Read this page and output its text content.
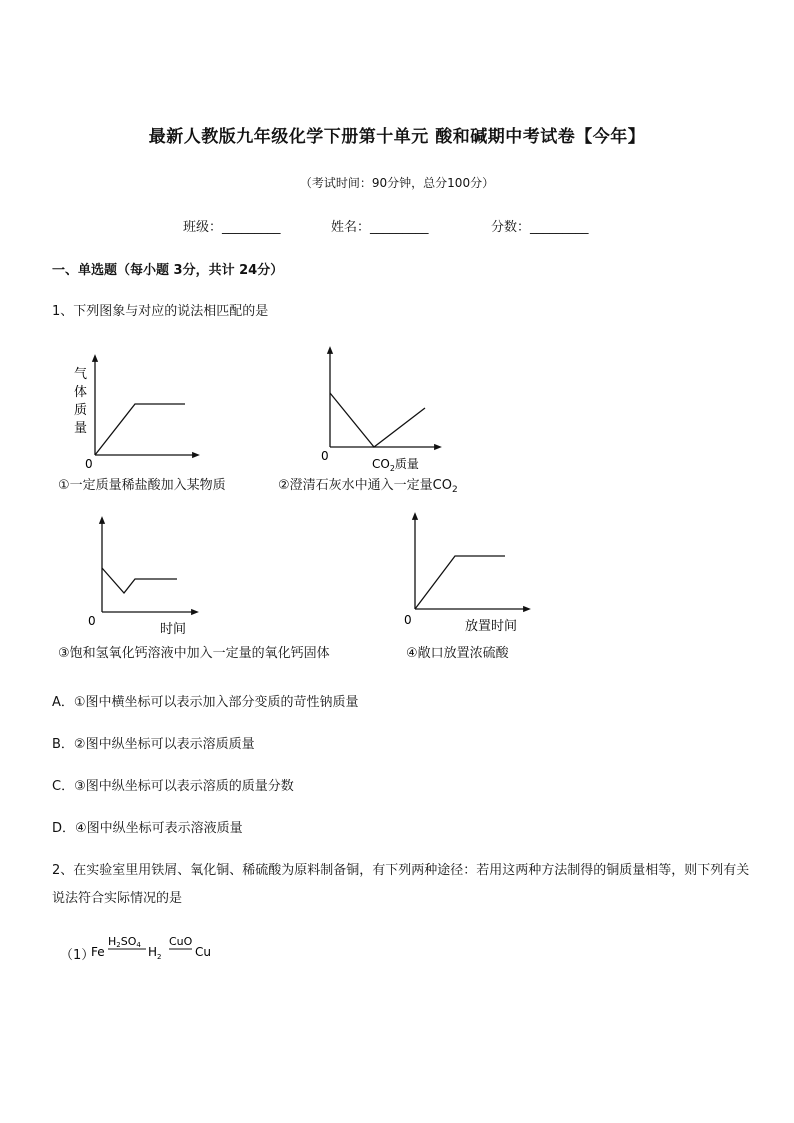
最新人教版九年级化学下册第十单元 酸和碱期中考试卷【今年】
（考试时间：90分钟，总分100分）
班级：_________	姓名：_________	分数：_________
一、单选题（每小题 3分，共计 24分）
1、下列图象与对应的说法相匹配的是
气
体
质
量
0
①一定质量稀盐酸加入某物质
0
$CO_2$质量
②澄清石灰水中通入一定量$CO_2$
0
时间
③饱和氢氧化钙溶液中加入一定量的氧化钙固体
0	放置时间
④敞口放置浓硫酸
A．①图中横坐标可以表示加入部分变质的苛性钠质量
B．②图中纵坐标可以表示溶质质量
C．③图中纵坐标可以表示溶质的质量分数
D．④图中纵坐标可表示溶液质量
2、在实验室里用铁屑、氧化铜、稀硫酸为原料制备铜，有下列两种途径：若用这两种方法制得的铜质量相等，则下列有关说法符合实际情况的是
（1）
Fe
H2SO4 $H_2$
CuO
Cu
